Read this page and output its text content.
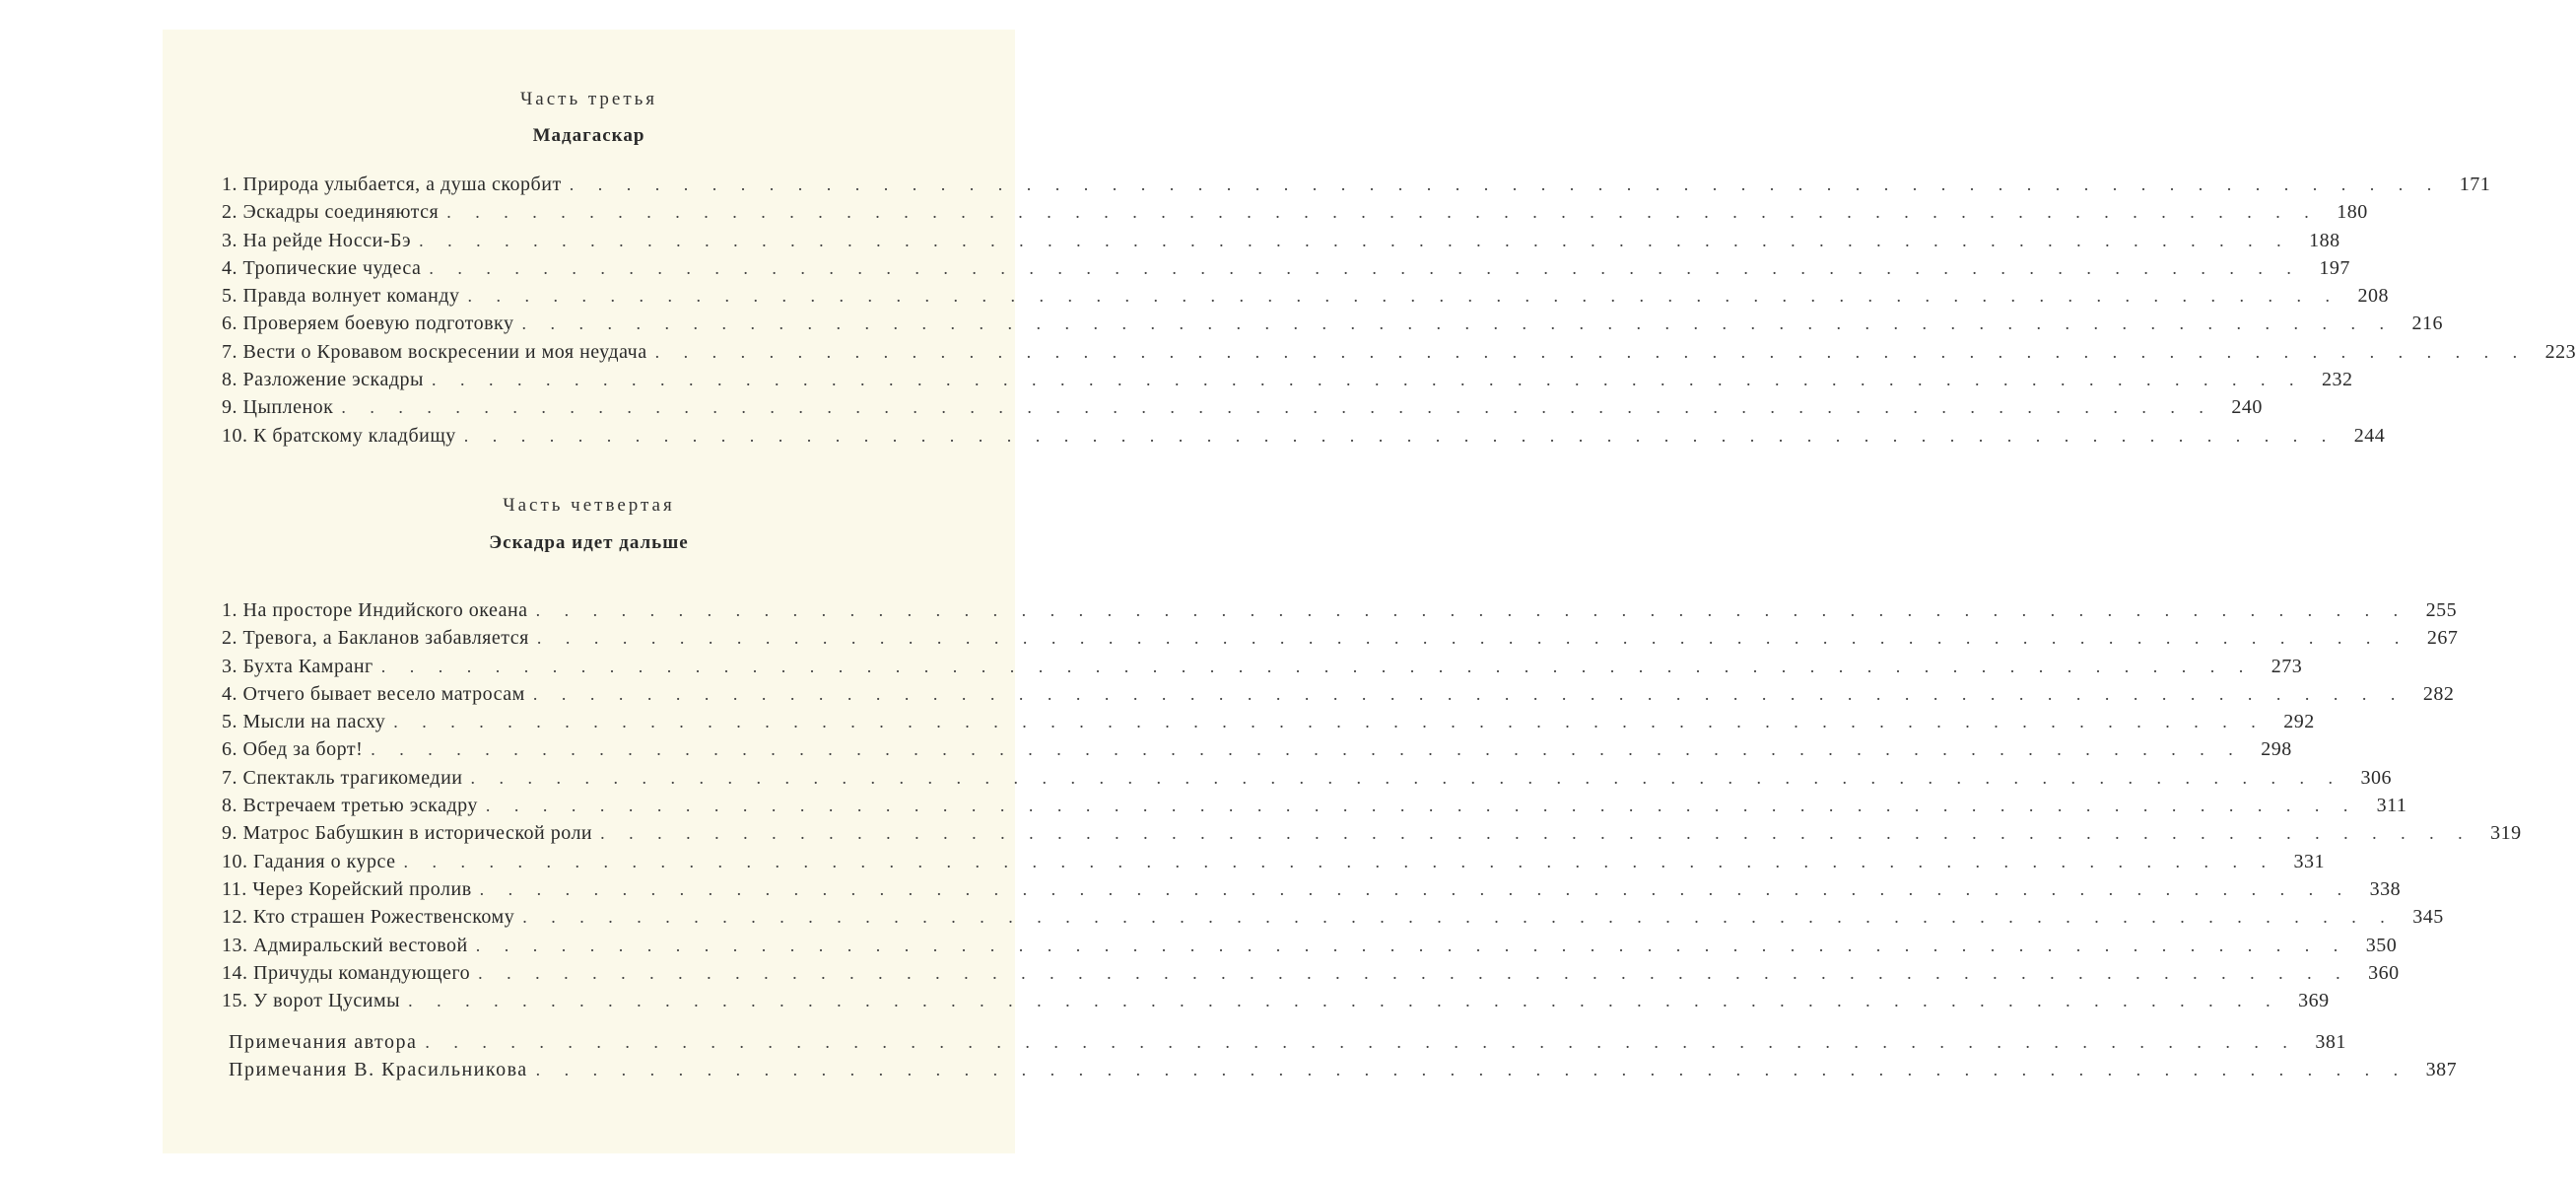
Часть третья
Мадагаскар
1. Природа улыбается, а душа скорбит . . . . . . . . . . . . . . . . . . . . . . . . . . . . . . . . . . . . . . . . . . . . . . . . . . . . . . . . . . . . . . . . . . 171
2. Эскадры соединяются . . . . . . . . . . . . . . . . . . . . . . . . . . . . . . . . . . . . . . . . . . . . . . . . . . . . . . . . . . . . . . . . . . 180
3. На рейде Носси-Бэ . . . . . . . . . . . . . . . . . . . . . . . . . . . . . . . . . . . . . . . . . . . . . . . . . . . . . . . . . . . . . . . . . . 188
4. Тропические чудеса . . . . . . . . . . . . . . . . . . . . . . . . . . . . . . . . . . . . . . . . . . . . . . . . . . . . . . . . . . . . . . . . . . 197
5. Правда волнует команду . . . . . . . . . . . . . . . . . . . . . . . . . . . . . . . . . . . . . . . . . . . . . . . . . . . . . . . . . . . . . . . . . . 208
6. Проверяем боевую подготовку . . . . . . . . . . . . . . . . . . . . . . . . . . . . . . . . . . . . . . . . . . . . . . . . . . . . . . . . . . . . . . . . . . 216
7. Вести о Кровавом воскресении и моя неудача . . . . . . . . . . . . . . . . . . . . . . . . . . . . . . . . . . . . . . . . . . . . . . . . . . . . . . . . . . . . . . . . . . 223
8. Разложение эскадры . . . . . . . . . . . . . . . . . . . . . . . . . . . . . . . . . . . . . . . . . . . . . . . . . . . . . . . . . . . . . . . . . . 232
9. Цыпленок . . . . . . . . . . . . . . . . . . . . . . . . . . . . . . . . . . . . . . . . . . . . . . . . . . . . . . . . . . . . . . . . . . 240
10. К братскому кладбищу . . . . . . . . . . . . . . . . . . . . . . . . . . . . . . . . . . . . . . . . . . . . . . . . . . . . . . . . . . . . . . . . . . 244
Часть четвертая
Эскадра идет дальше
1. На просторе Индийского океана . . . . . . . . . . . . . . . . . . . . . . . . . . . . . . . . . . . . . . . . . . . . . . . . . . . . . . . . . . . . . . . . . . 255
2. Тревога, а Бакланов забавляется . . . . . . . . . . . . . . . . . . . . . . . . . . . . . . . . . . . . . . . . . . . . . . . . . . . . . . . . . . . . . . . . . . 267
3. Бухта Камранг . . . . . . . . . . . . . . . . . . . . . . . . . . . . . . . . . . . . . . . . . . . . . . . . . . . . . . . . . . . . . . . . . . 273
4. Отчего бывает весело матросам . . . . . . . . . . . . . . . . . . . . . . . . . . . . . . . . . . . . . . . . . . . . . . . . . . . . . . . . . . . . . . . . . . 282
5. Мысли на пасху . . . . . . . . . . . . . . . . . . . . . . . . . . . . . . . . . . . . . . . . . . . . . . . . . . . . . . . . . . . . . . . . . . 292
6. Обед за борт! . . . . . . . . . . . . . . . . . . . . . . . . . . . . . . . . . . . . . . . . . . . . . . . . . . . . . . . . . . . . . . . . . . 298
7. Спектакль трагикомедии . . . . . . . . . . . . . . . . . . . . . . . . . . . . . . . . . . . . . . . . . . . . . . . . . . . . . . . . . . . . . . . . . . 306
8. Встречаем третью эскадру . . . . . . . . . . . . . . . . . . . . . . . . . . . . . . . . . . . . . . . . . . . . . . . . . . . . . . . . . . . . . . . . . . 311
9. Матрос Бабушкин в исторической роли . . . . . . . . . . . . . . . . . . . . . . . . . . . . . . . . . . . . . . . . . . . . . . . . . . . . . . . . . . . . . . . . . . 319
10. Гадания о курсе . . . . . . . . . . . . . . . . . . . . . . . . . . . . . . . . . . . . . . . . . . . . . . . . . . . . . . . . . . . . . . . . . . 331
11. Через Корейский пролив . . . . . . . . . . . . . . . . . . . . . . . . . . . . . . . . . . . . . . . . . . . . . . . . . . . . . . . . . . . . . . . . . . 338
12. Кто страшен Рожественскому . . . . . . . . . . . . . . . . . . . . . . . . . . . . . . . . . . . . . . . . . . . . . . . . . . . . . . . . . . . . . . . . . . 345
13. Адмиральский вестовой . . . . . . . . . . . . . . . . . . . . . . . . . . . . . . . . . . . . . . . . . . . . . . . . . . . . . . . . . . . . . . . . . . 350
14. Причуды командующего . . . . . . . . . . . . . . . . . . . . . . . . . . . . . . . . . . . . . . . . . . . . . . . . . . . . . . . . . . . . . . . . . . 360
15. У ворот Цусимы . . . . . . . . . . . . . . . . . . . . . . . . . . . . . . . . . . . . . . . . . . . . . . . . . . . . . . . . . . . . . . . . . . 369
Примечания автора . . . . . . . . . . . . . . . . . . . . . . . . . . . . . . . . . . . . . . . . . . . . . . . . . . . . . . . . . . . . . . . . . . 381
Примечания В. Красильникова . . . . . . . . . . . . . . . . . . . . . . . . . . . . . . . . . . . . . . . . . . . . . . . . . . . . . . . . . . . . . . . . . . 387
